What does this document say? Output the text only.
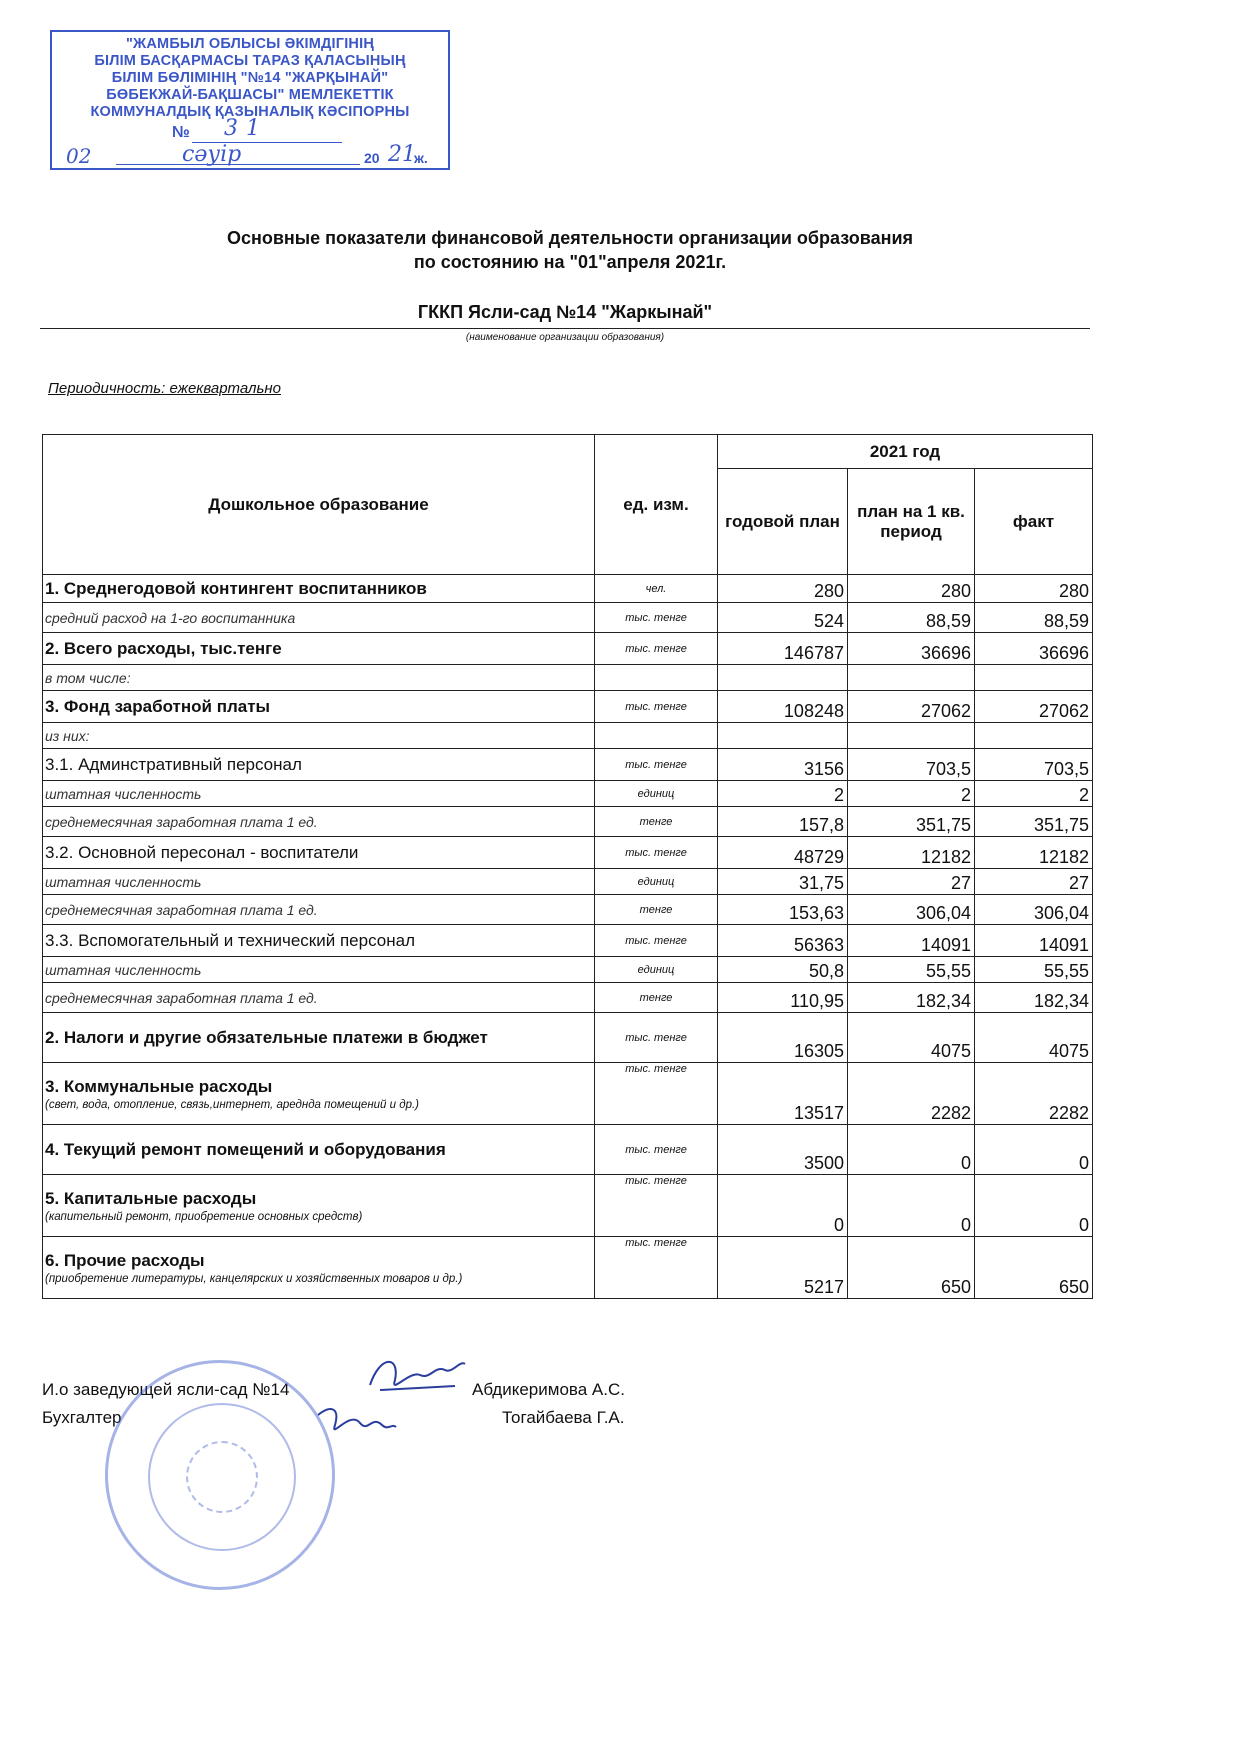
"ЖАМБЫЛ ОБЛЫСЫ ӘКІМДІГІНІҢ
БІЛІМ БАСҚАРМАСЫ ТАРАЗ ҚАЛАСЫНЫҢ
БІЛІМ БӨЛІМІНІҢ "№14 "ЖАРҚЫНАЙ"
БӨБЕКЖАЙ-БАҚШАСЫ" МЕМЛЕКЕТТІК
КОММУНАЛДЫҚ ҚАЗЫНАЛЫҚ КӘСІПОРНЫ
№ 31
02	сәуір	20 21
ж.
Основные показатели финансовой деятельности организации образования
по состоянию на "01"апреля 2021г.
ГККП Ясли-сад №14 "Жаркынай"
(наименование организации образования)
Периодичность: ежеквартально
Дошкольное образование	ед. изм.	2021 год		
		годовой план	план на 1 кв. период	факт
1. Среднегодовой контингент воспитанников	чел.	280	280	280
средний расход на 1-го воспитанника	тыс. тенге	524	88,59	88,59
2. Всего расходы, тыс.тенге	тыс. тенге	146787	36696	36696
в том числе:				
3. Фонд заработной платы	тыс. тенге	108248	27062	27062
из них:				
3.1. Админстративный персонал	тыс. тенге	3156	703,5	703,5
штатная численность	единиц	2	2	2
среднемесячная заработная плата 1 ед.	тенге	157,8	351,75	351,75
3.2. Основной пересонал - воспитатели	тыс. тенге	48729	12182	12182
штатная численность	единиц	31,75	27	27
среднемесячная заработная плата 1 ед.	тенге	153,63	306,04	306,04
3.3. Вспомогательный и технический персонал	тыс. тенге	56363	14091	14091
штатная численность	единиц	50,8	55,55	55,55
среднемесячная заработная плата 1 ед.	тенге	110,95	182,34	182,34
2. Налоги и другие обязательные платежи в бюджет	тыс. тенге	16305	4075	4075
3. Коммунальные расходы
(свет, вода, отопление, связь,интернет, ареднда помещений и др.)	тыс. тенге	13517	2282	2282
4. Текущий ремонт помещений и оборудования	тыс. тенге	3500	0	0
5. Капитальные расходы
(капительный ремонт, приобретение основных средств)	тыс. тенге	0	0	0
6. Прочие расходы
(приобретение литературы, канцелярских и хозяйственных товаров и др.)	тыс. тенге	5217	650	650
И.о заведующей ясли-сад №14	Абдикеримова А.С.
Бухгалтер	Тогайбаева Г.А.
